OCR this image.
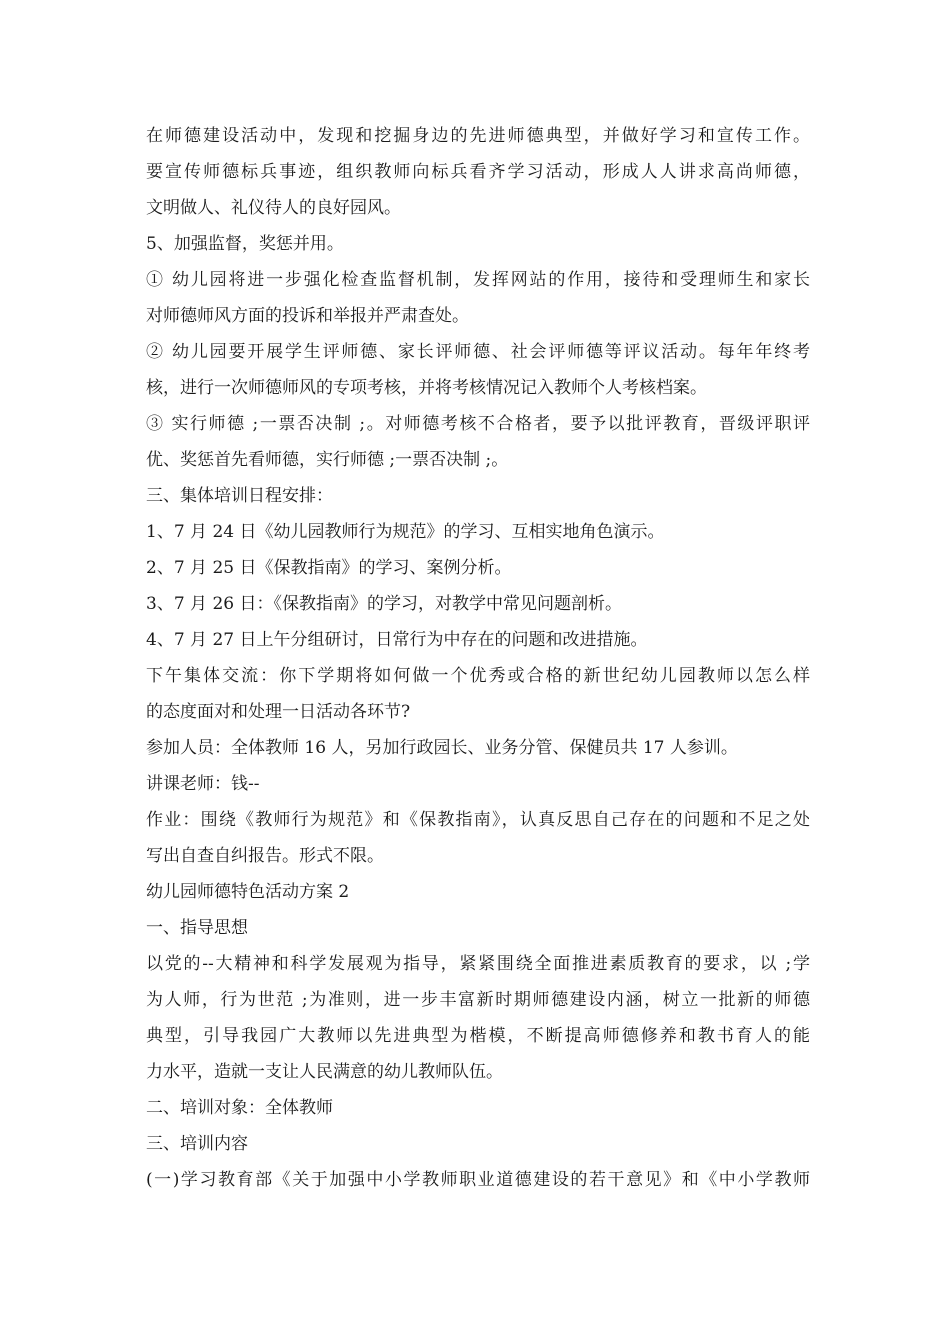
在师德建设活动中，发现和挖掘身边的先进师德典型，并做好学习和宣传工作。
要宣传师德标兵事迹，组织教师向标兵看齐学习活动，形成人人讲求高尚师德，
文明做人、礼仪待人的良好园风。
5、加强监督，奖惩并用。
① 幼儿园将进一步强化检查监督机制，发挥网站的作用，接待和受理师生和家长
对师德师风方面的投诉和举报并严肃查处。
② 幼儿园要开展学生评师德、家长评师德、社会评师德等评议活动。每年年终考
核，进行一次师德师风的专项考核，并将考核情况记入教师个人考核档案。
③ 实行师德 ;一票否决制 ;。对师德考核不合格者，要予以批评教育，晋级评职评
优、奖惩首先看师德，实行师德 ;一票否决制 ;。
三、集体培训日程安排：
1、7 月 24 日《幼儿园教师行为规范》的学习、互相实地角色演示。
2、7 月 25 日《保教指南》的学习、案例分析。
3、7 月 26 日：《保教指南》的学习，对教学中常见问题剖析。
4、7 月 27 日上午分组研讨，日常行为中存在的问题和改进措施。
下午集体交流：你下学期将如何做一个优秀或合格的新世纪幼儿园教师以怎么样
的态度面对和处理一日活动各环节?
参加人员：全体教师 16 人，另加行政园长、业务分管、保健员共 17 人参训。
讲课老师：钱--
作业：围绕《教师行为规范》和《保教指南》，认真反思自己存在的问题和不足之处
写出自查自纠报告。形式不限。
幼儿园师德特色活动方案 2
一、指导思想
以党的--大精神和科学发展观为指导，紧紧围绕全面推进素质教育的要求，以 ;学
为人师，行为世范 ;为准则，进一步丰富新时期师德建设内涵，树立一批新的师德
典型，引导我园广大教师以先进典型为楷模，不断提高师德修养和教书育人的能
力水平，造就一支让人民满意的幼儿教师队伍。
二、培训对象：全体教师
三、培训内容
(一)学习教育部《关于加强中小学教师职业道德建设的若干意见》和《中小学教师
